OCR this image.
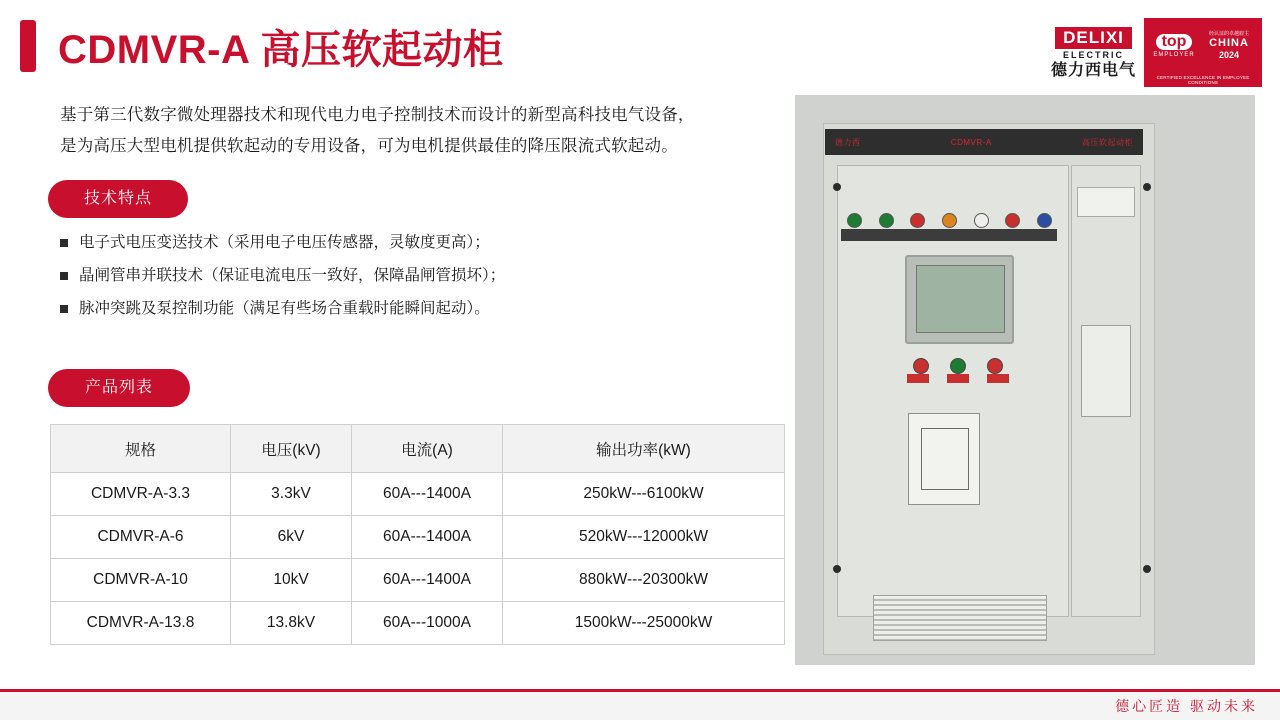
CDMVR-A 高压软起动柜	DELIXI
ELECTRIC
德力西电气
top
EMPLOYER
经认证的卓越雇主
CHINA
2024
CERTIFIED EXCELLENCE IN EMPLOYEE CONDITIONS
基于第三代数字微处理器技术和现代电力电子控制技术而设计的新型高科技电气设备，
是为高压大型电机提供软起动的专用设备，可为电机提供最佳的降压限流式软起动。
技术特点
产品列表
电子式电压变送技术（采用电子电压传感器，灵敏度更高）；
晶闸管串并联技术（保证电流电压一致好，保障晶闸管损坏）；
脉冲突跳及泵控制功能（满足有些场合重载时能瞬间起动）。
规格	电压(kV)	电流(A)	输出功率(kW)
CDMVR-A-3.3	3.3kV	60A---1400A	250kW---6100kW
CDMVR-A-6	6kV	60A---1400A	520kW---12000kW
CDMVR-A-10	10kV	60A---1400A	880kW---20300kW
CDMVR-A-13.8	13.8kV	60A---1000A	1500kW---25000kW
德力西	CDMVR-A	高压软起动柜
德心匠造 驱动未来
